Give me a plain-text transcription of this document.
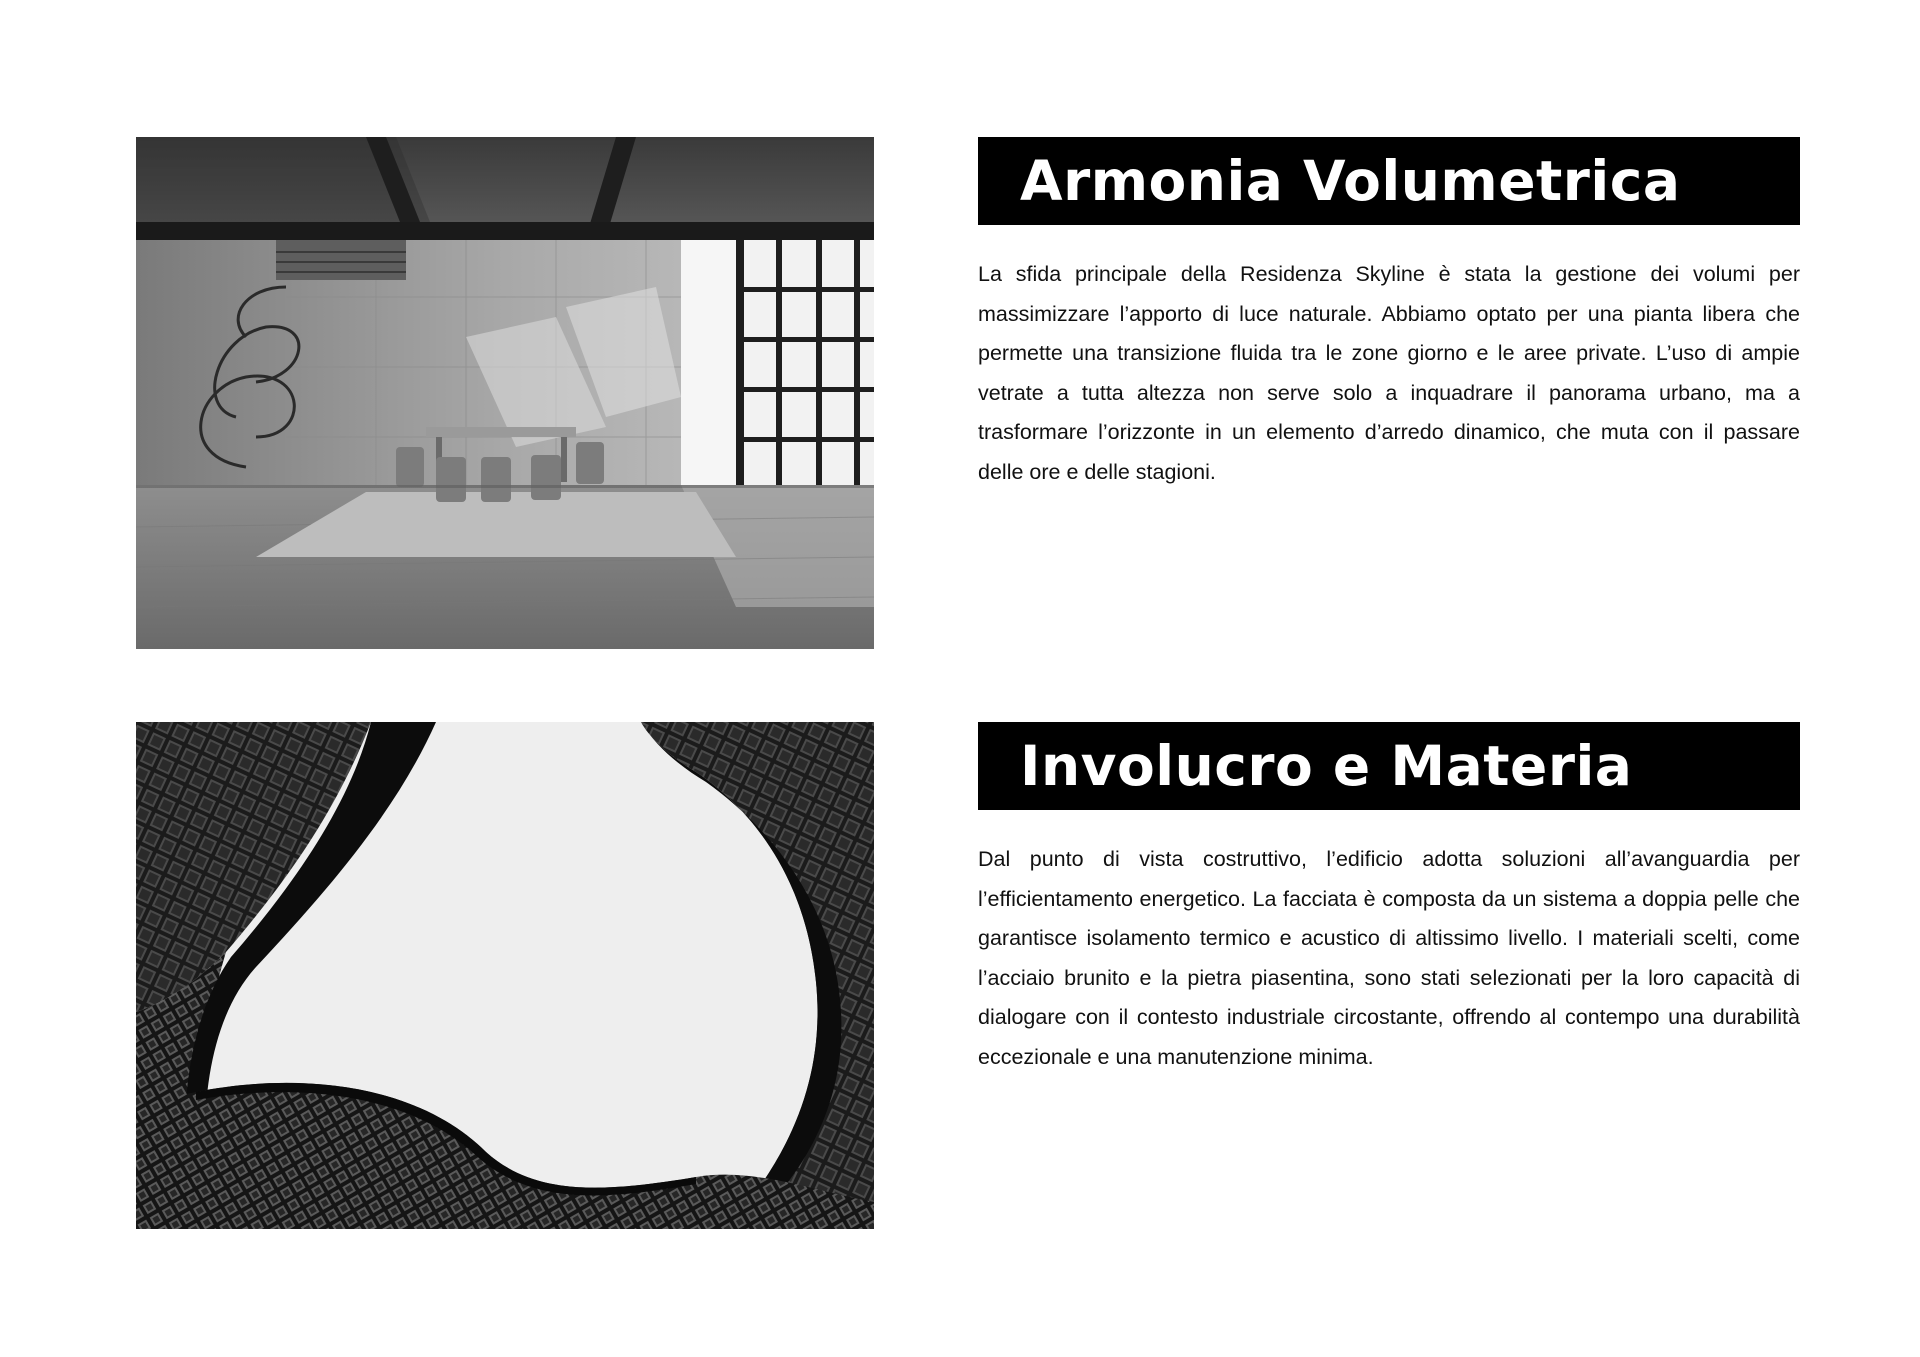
Armonia Volumetrica

La sfida principale della Residenza Skyline è stata la gestione dei volumi per massimizzare l’apporto di luce naturale. Abbiamo optato per una pianta libera che permette una transizione fluida tra le zone giorno e le aree private. L’uso di ampie vetrate a tutta altezza non serve solo a inquadrare il panorama urbano, ma a trasformare l’orizzonte in un elemento d’arredo dinamico, che muta con il passare delle ore e delle stagioni.

Involucro e Materia

Dal punto di vista costruttivo, l’edificio adotta soluzioni all’avanguardia per l’efficientamento energetico. La facciata è composta da un sistema a doppia pelle che garantisce isolamento termico e acustico di altissimo livello. I materiali scelti, come l’acciaio brunito e la pietra piasentina, sono stati selezionati per la loro capacità di dialogare con il contesto industriale circostante, offrendo al contempo una durabilità eccezionale e una manutenzione minima.
